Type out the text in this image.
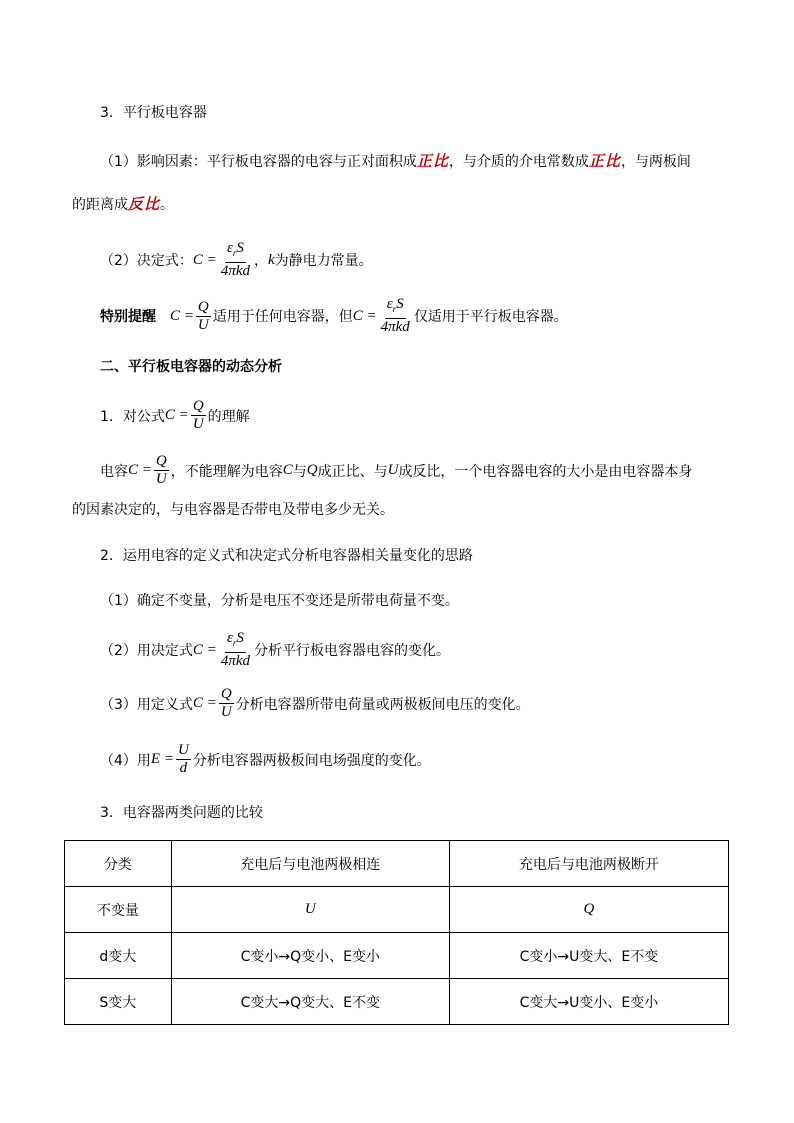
3．平行板电容器
（1）影响因素：平行板电容器的电容与正对面积成 正比 ，与介质的介电常数成 正比 ，与两板间
的距离成 反比 。
（2）决定式： $C = \frac{\varepsilon_rS}{\text{4πkd}}$ ， k 为静电力常量。
特别提醒 $C = \frac{Q}{U}$ 适用于任何电容器，但 $C = \frac{\varepsilon_rS}{\text{4πkd}}$ 仅适用于平行板电容器。
二、平行板电容器的动态分析
1．对公式 $C = \frac{Q}{U}$ 的理解
电容 $C = \frac{Q}{U}$ ，不能理解为电容 C 与 Q 成正比、与 U 成反比，一个电容器电容的大小是由电容器本身
的因素决定的，与电容器是否带电及带电多少无关。
2．运用电容的定义式和决定式分析电容器相关量变化的思路
（1）确定不变量，分析是电压不变还是所带电荷量不变。
（2）用决定式 $C = \frac{\varepsilon_rS}{\text{4πkd}}$ 分析平行板电容器电容的变化。
（3）用定义式 $C = \frac{Q}{U}$ 分析电容器所带电荷量或两极板间电压的变化。
（4）用 $E = \frac{U}{d}$ 分析电容器两极板间电场强度的变化。
3．电容器两类问题的比较
分类	充电后与电池两极相连	充电后与电池两极断开
不变量	U	Q
d变大	C变小→Q变小、E变小	C变小→U变大、E不变
S变大	C变大→Q变大、E不变	C变大→U变小、E变小
